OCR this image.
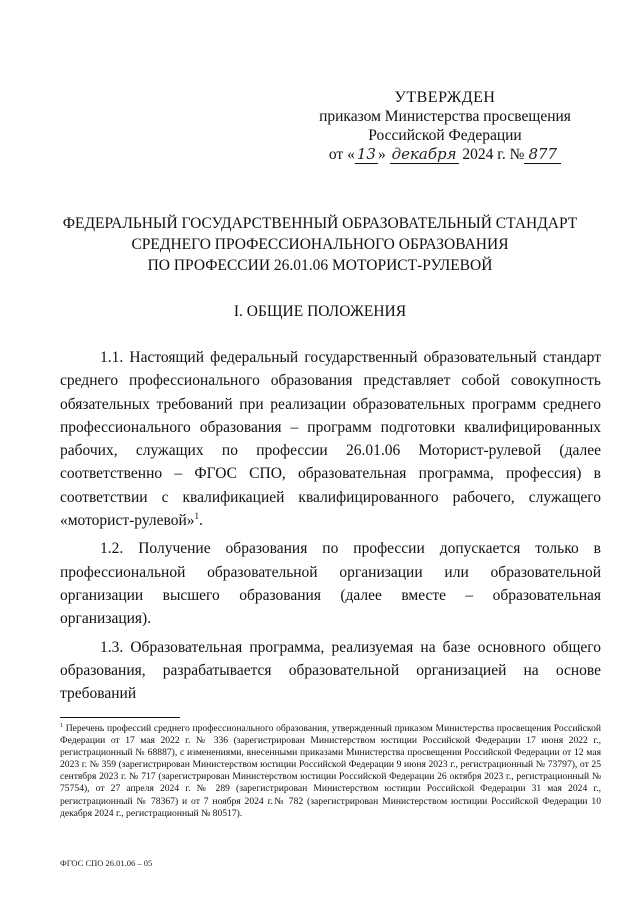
УТВЕРЖДЕН
приказом Министерства просвещения
Российской Федерации
от « 13 » декабря 2024 г. № 877
ФЕДЕРАЛЬНЫЙ ГОСУДАРСТВЕННЫЙ ОБРАЗОВАТЕЛЬНЫЙ СТАНДАРТ
СРЕДНЕГО ПРОФЕССИОНАЛЬНОГО ОБРАЗОВАНИЯ
ПО ПРОФЕССИИ 26.01.06 МОТОРИСТ-РУЛЕВОЙ
I. ОБЩИЕ ПОЛОЖЕНИЯ

1.1. Настоящий федеральный государственный образовательный стандарт среднего профессионального образования представляет собой совокупность обязательных требований при реализации образовательных программ среднего профессионального образования – программ подготовки квалифицированных рабочих, служащих по профессии 26.01.06 Моторист-рулевой (далее соответственно – ФГОС СПО, образовательная программа, профессия) в соответствии с квалификацией квалифицированного рабочего, служащего «моторист-рулевой»$^1$.

1.2. Получение образования по профессии допускается только в профессиональной образовательной организации или образовательной организации высшего образования (далее вместе – образовательная организация).

1.3. Образовательная программа, реализуемая на базе основного общего образования, разрабатывается образовательной организацией на основе требований

$^1$ Перечень профессий среднего профессионального образования, утвержденный приказом Министерства просвещения Российской Федерации от 17 мая 2022 г. № 336 (зарегистрирован Министерством юстиции Российской Федерации 17 июня 2022 г., регистрационный № 68887), с изменениями, внесенными приказами Министерства просвещения Российской Федерации от 12 мая 2023 г. № 359 (зарегистрирован Министерством юстиции Российской Федерации 9 июня 2023 г., регистрационный № 73797), от 25 сентября 2023 г. № 717 (зарегистрирован Министерством юстиции Российской Федерации 26 октября 2023 г., регистрационный № 75754), от 27 апреля 2024 г. № 289 (зарегистрирован Министерством юстиции Российской Федерации 31 мая 2024 г., регистрационный № 78367) и от 7 ноября 2024 г.№ 782 (зарегистрирован Министерством юстиции Российской Федерации 10 декабря 2024 г., регистрационный № 80517).
ФГОС СПО 26.01.06 – 05
